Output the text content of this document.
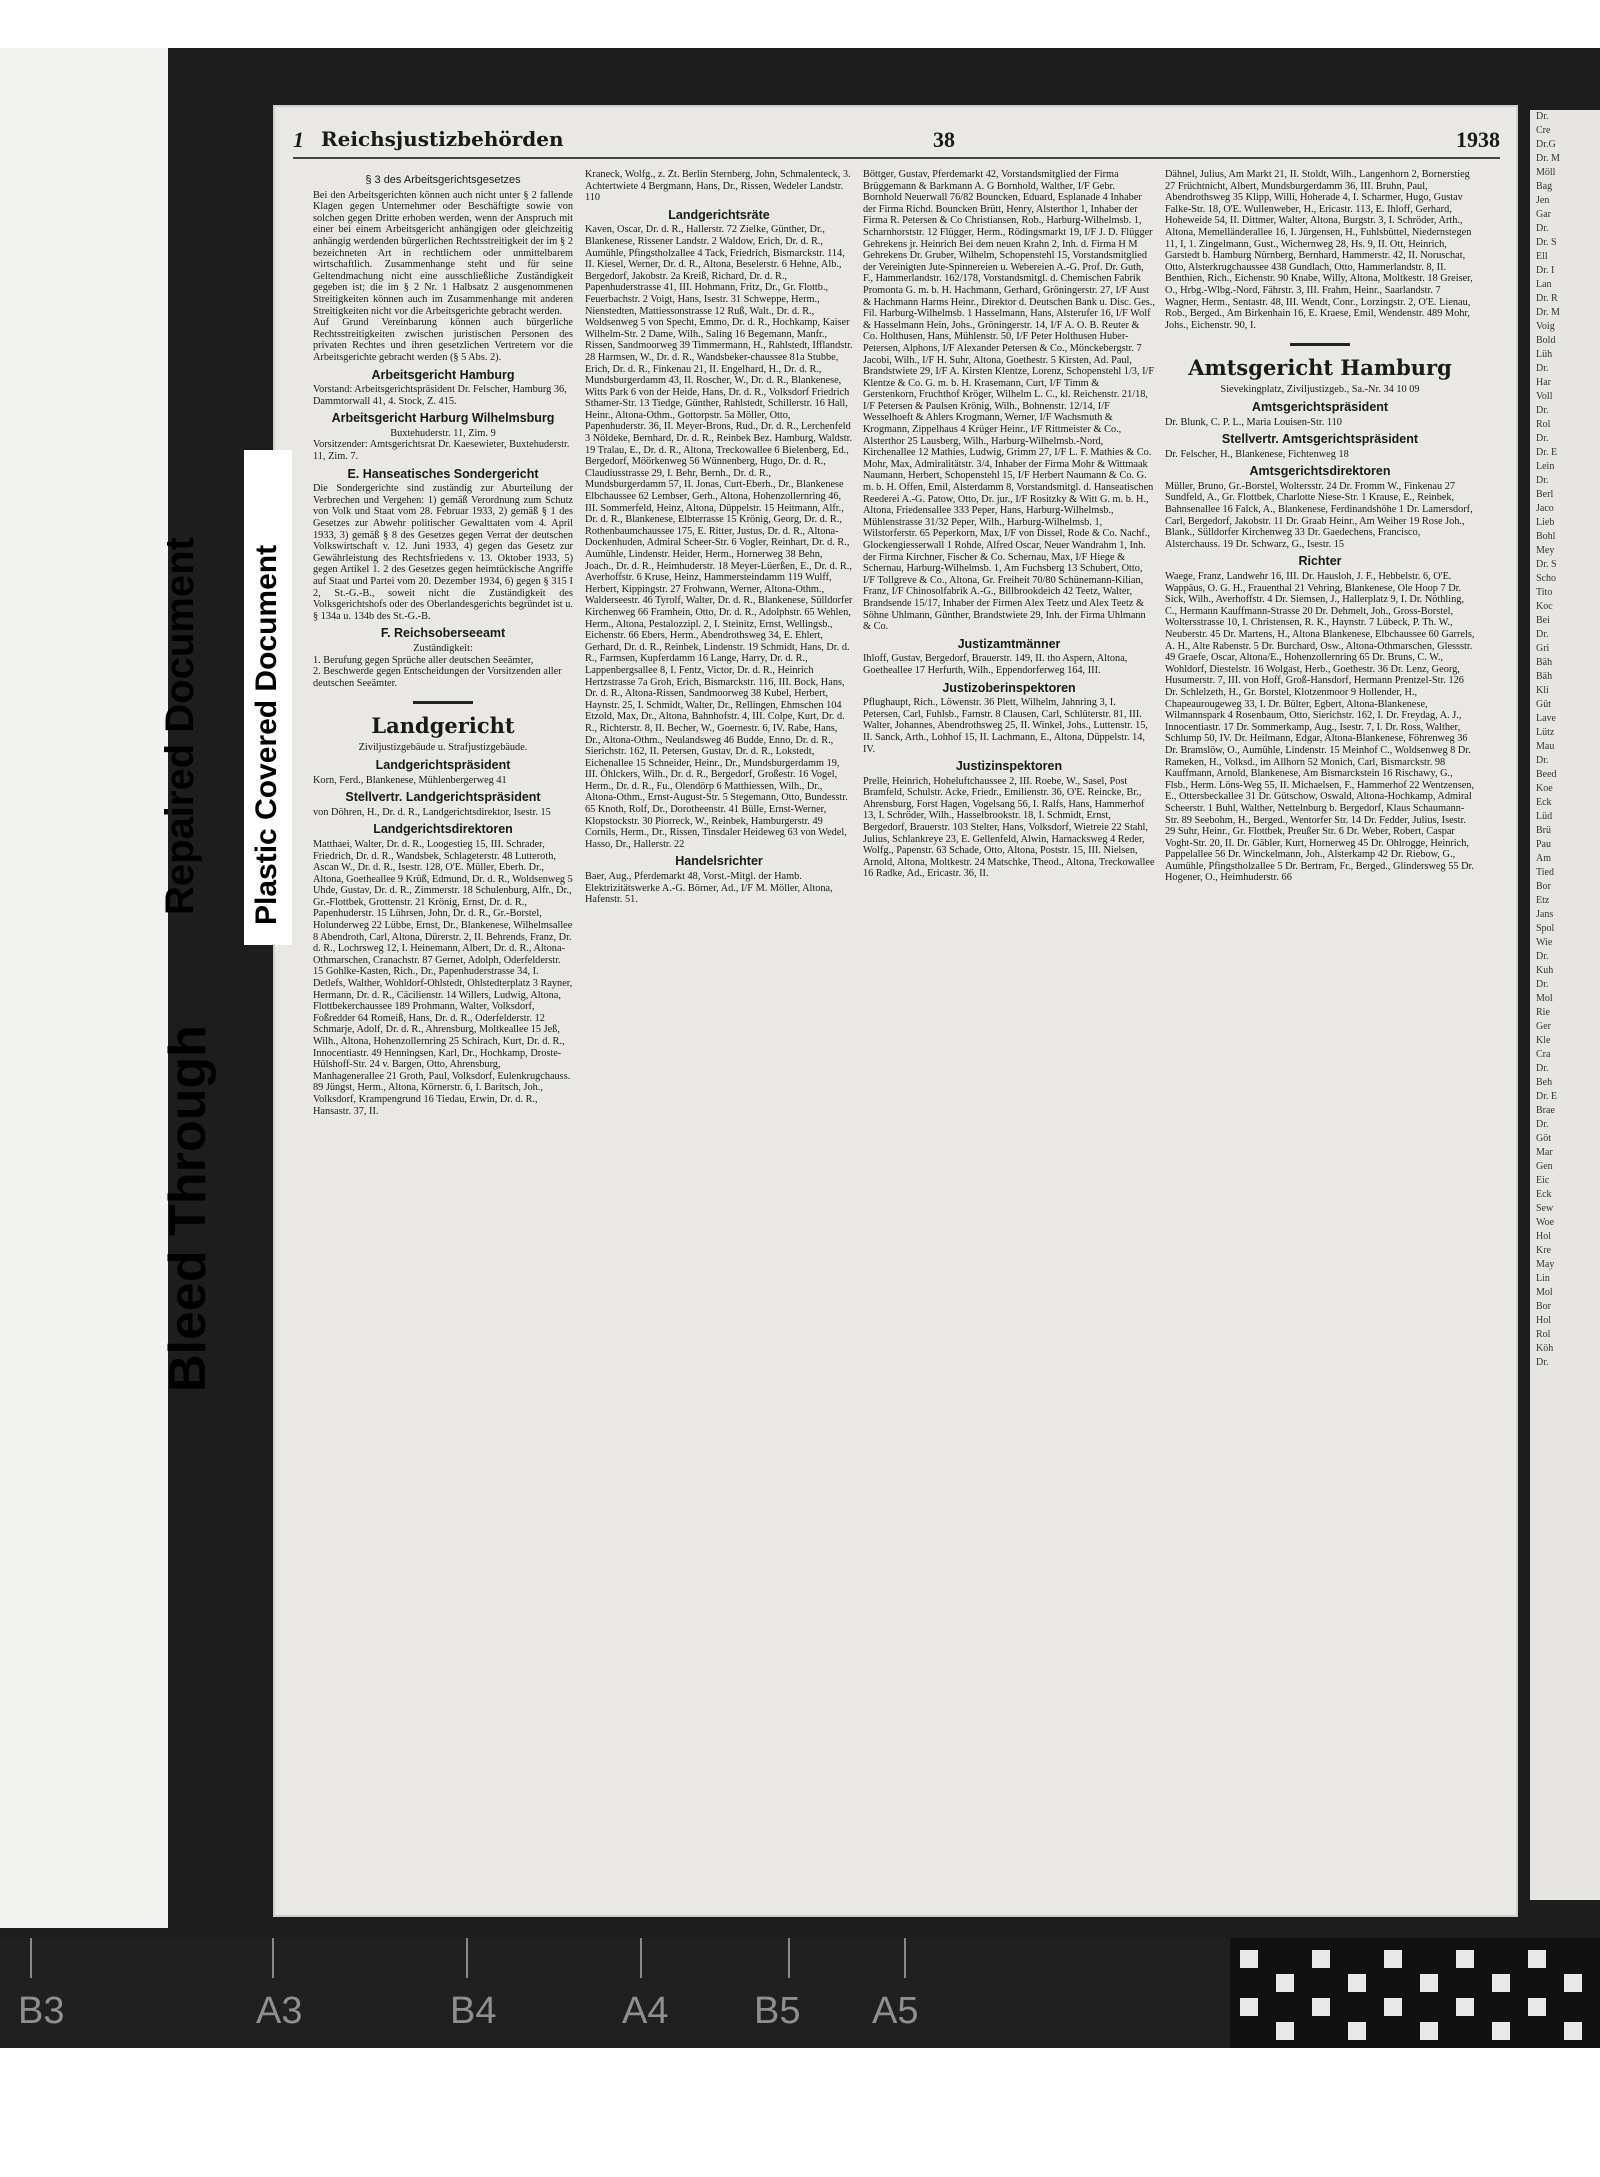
Dr.
Cre
Dr.G
Dr. M
Möll
Bag
Jen
Gar
Dr.
Dr. S
Ell
Dr. I
Lan
Dr. R
Dr. M
Voig
Bold
Lüh
Dr.
Har
Voll
Dr.
Rol
Dr.
Dr. E
Lein
Dr.
Berl
Jaco
Lieb
Bohl
Mey
Dr. S
Scho
Tito
Koc
Bei
Dr.
Gri
Bäh
Bäh
Kli
Güt
Lave
Lütz
Mau
Dr.
Beed
Koe
Eck
Lüd
Brü
Pau
Am
Tied
Bor
Etz
Jans
Spol
Wie
Dr.
Kuh
Dr.
Mol
Rie
Ger
Kle
Cra
Dr.
Beh
Dr. E
Brae
Dr.
Göt
Mar
Gen
Eic
Eck
Sew
Woe
Hol
Kre
May
Lin
Mol
Bor
Hol
Rol
Köh
Dr.
1 Reichsjustizbehörden	38	1938

§ 3 des Arbeitsgerichtsgesetzes

Bei den Arbeitsgerichten können auch nicht unter § 2 fallende Klagen gegen Unternehmer oder Beschäftigte sowie von solchen gegen Dritte erhoben werden, wenn der Anspruch mit einer bei einem Arbeitsgericht anhängigen oder gleichzeitig anhängig werdenden bürgerlichen Rechtsstreitigkeit der im § 2 bezeichneten Art in rechtlichem oder unmittelbarem wirtschaftlich. Zusammenhange steht und für seine Geltendmachung nicht eine ausschließliche Zuständigkeit gegeben ist; die im § 2 Nr. 1 Halbsatz 2 ausgenommenen Streitigkeiten können auch im Zusammenhange mit anderen Streitigkeiten nicht vor die Arbeitsgerichte gebracht werden.

Auf Grund Vereinbarung können auch bürgerliche Rechtsstreitigkeiten zwischen juristischen Personen des privaten Rechtes und ihren gesetzlichen Vertretern vor die Arbeitsgerichte gebracht werden (§ 5 Abs. 2).

Arbeitsgericht Hamburg

Vorstand: Arbeitsgerichtspräsident Dr. Felscher, Hamburg 36, Dammtorwall 41, 4. Stock, Z. 415.

Arbeitsgericht Harburg Wilhelmsburg

Buxtehuderstr. 11, Zim. 9

Vorsitzender: Amtsgerichtsrat Dr. Kaesewieter, Buxtehuderstr. 11, Zim. 7.

E. Hanseatisches Sondergericht

Die Sondergerichte sind zuständig zur Aburteilung der Verbrechen und Vergehen: 1) gemäß Verordnung zum Schutz von Volk und Staat vom 28. Februar 1933, 2) gemäß § 1 des Gesetzes zur Abwehr politischer Gewalttaten vom 4. April 1933, 3) gemäß § 8 des Gesetzes gegen Verrat der deutschen Volkswirtschaft v. 12. Juni 1933, 4) gegen das Gesetz zur Gewährleistung des Rechtsfriedens v. 13. Oktober 1933, 5) gegen Artikel 1. 2 des Gesetzes gegen heimtückische Angriffe auf Staat und Partei vom 20. Dezember 1934, 6) gegen § 315 I 2, St.-G.-B., soweit nicht die Zuständigkeit des Volksgerichtshofs oder des Oberlandesgerichts begründet ist u. § 134a u. 134b des St.-G.-B.

F. Reichsoberseeamt

Zuständigkeit:

1. Berufung gegen Sprüche aller deutschen Seeämter,

2. Beschwerde gegen Entscheidungen der Vorsitzenden aller deutschen Seeämter.

Landgericht

Ziviljustizgebäude u. Strafjustizgebäude.

Landgerichtspräsident

Korn, Ferd., Blankenese, Mühlenbergerweg 41

Stellvertr. Landgerichtspräsident

von Döhren, H., Dr. d. R., Landgerichtsdirektor, Isestr. 15

Landgerichtsdirektoren

Matthaei, Walter, Dr. d. R., Loogestieg 15, III. Schrader, Friedrich, Dr. d. R., Wandsbek, Schlageterstr. 48 Lutteroth, Ascan W., Dr. d. R., Isestr. 128, O'E. Müller, Eberh. Dr., Altona, Goetheallee 9 Krüß, Edmund, Dr. d. R., Woldsenweg 5 Uhde, Gustav, Dr. d. R., Zimmerstr. 18 Schulenburg, Alfr., Dr., Gr.-Flottbek, Grottenstr. 21 Krönig, Ernst, Dr. d. R., Papenhuderstr. 15 Lührsen, John, Dr. d. R., Gr.-Borstel, Holunderweg 22 Lübbe, Ernst, Dr., Blankenese, Wilhelmsallee 8 Abendroth, Carl, Altona, Dürerstr. 2, II. Behrends, Franz, Dr. d. R., Lochrsweg 12, I. Heinemann, Albert, Dr. d. R., Altona-Othmarschen, Cranachstr. 87 Gernet, Adolph, Oderfelderstr. 15 Gohlke-Kasten, Rich., Dr., Papenhuderstrasse 34, I. Detlefs, Walther, Wohldorf-Ohlstedt, Ohlstedterplatz 3 Rayner, Hermann, Dr. d. R., Cäcilienstr. 14 Willers, Ludwig, Altona, Flottbekerchaussee 189 Prohmann, Walter, Volksdorf, Foßredder 64 Romeiß, Hans, Dr. d. R., Oderfelderstr. 12 Schmarje, Adolf, Dr. d. R., Ahrensburg, Moltkeallee 15 Jeß, Wilh., Altona, Hohenzollernring 25 Schirach, Kurt, Dr. d. R., Innocentiastr. 49 Henningsen, Karl, Dr., Hochkamp, Droste-Hülshoff-Str. 24 v. Bargen, Otto, Ahrensburg, Manhagenerallee 21 Groth, Paul, Volksdorf, Eulenkrugchauss. 89 Jüngst, Herm., Altona, Körnerstr. 6, I. Baritsch, Joh., Volksdorf, Krampengrund 16 Tiedau, Erwin, Dr. d. R., Hansastr. 37, II.

Kraneck, Wolfg., z. Zt. Berlin Sternberg, John, Schmalenteck, 3. Achtertwiete 4 Bergmann, Hans, Dr., Rissen, Wedeler Landstr. 110

Landgerichtsräte

Kaven, Oscar, Dr. d. R., Hallerstr. 72 Zielke, Günther, Dr., Blankenese, Rissener Landstr. 2 Waldow, Erich, Dr. d. R., Aumühle, Pfingstholzallee 4 Tack, Friedrich, Bismarckstr. 114, II. Kiesel, Werner, Dr. d. R., Altona, Beselerstr. 6 Hehne, Alb., Bergedorf, Jakobstr. 2a Kreiß, Richard, Dr. d. R., Papenhuderstrasse 41, III. Hohmann, Fritz, Dr., Gr. Flottb., Feuerbachstr. 2 Voigt, Hans, Isestr. 31 Schweppe, Herm., Nienstedten, Mattiessonstrasse 12 Ruß, Walt., Dr. d. R., Woldsenweg 5 von Specht, Emmo, Dr. d. R., Hochkamp, Kaiser Wilhelm-Str. 2 Dame, Wilh., Saling 16 Begemann, Manfr., Rissen, Sandmoorweg 39 Timmermann, H., Rahlstedt, Ifflandstr. 28 Harmsen, W., Dr. d. R., Wandsbeker-chaussee 81a Stubbe, Erich, Dr. d. R., Finkenau 21, II. Engelhard, H., Dr. d. R., Mundsburgerdamm 43, II. Roscher, W., Dr. d. R., Blankenese, Witts Park 6 von der Heide, Hans, Dr. d. R., Volksdorf Friedrich Sthamer-Str. 13 Tiedge, Günther, Rahlstedt, Schillerstr. 16 Hall, Heinr., Altona-Othm., Gottorpstr. 5a Möller, Otto, Papenhuderstr. 36, II. Meyer-Brons, Rud., Dr. d. R., Lerchenfeld 3 Nöldeke, Bernhard, Dr. d. R., Reinbek Bez. Hamburg, Waldstr. 19 Tralau, E., Dr. d. R., Altona, Treckowallee 6 Bielenberg, Ed., Bergedorf, Möörkenweg 56 Wünnenberg, Hugo, Dr. d. R., Claudiusstrasse 29, I. Behr, Bernh., Dr. d. R., Mundsburgerdamm 57, II. Jonas, Curt-Eberh., Dr., Blankenese Elbchaussee 62 Lembser, Gerh., Altona, Hohenzollernring 46, III. Sommerfeld, Heinz, Altona, Düppelstr. 15 Heitmann, Alfr., Dr. d. R., Blankenese, Elbterrasse 15 Krönig, Georg, Dr. d. R., Rothenbaumchaussee 175, E. Ritter, Justus, Dr. d. R., Altona-Dockenhuden, Admiral Scheer-Str. 6 Vogler, Reinhart, Dr. d. R., Aumühle, Lindenstr. Heider, Herm., Hornerweg 38 Behn, Joach., Dr. d. R., Heimhuderstr. 18 Meyer-Lüerßen, E., Dr. d. R., Averhoffstr. 6 Kruse, Heinz, Hammersteindamm 119 Wulff, Herbert, Kippingstr. 27 Frohwann, Werner, Altona-Othm., Walderseestr. 46 Tyrolf, Walter, Dr. d. R., Blankenese, Sülldorfer Kirchenweg 66 Framhein, Otto, Dr. d. R., Adolphstr. 65 Wehlen, Herm., Altona, Pestalozzipl. 2, I. Steinitz, Ernst, Wellingsb., Eichenstr. 66 Ebers, Herm., Abendrothsweg 34, E. Ehlert, Gerhard, Dr. d. R., Reinbek, Lindenstr. 19 Schmidt, Hans, Dr. d. R., Farmsen, Kupferdamm 16 Lange, Harry, Dr. d. R., Lappenbergsallee 8, I. Fentz, Victor, Dr. d. R., Heinrich Hertzstrasse 7a Groh, Erich, Bismarckstr. 116, III. Bock, Hans, Dr. d. R., Altona-Rissen, Sandmoorweg 38 Kubel, Herbert, Haynstr. 25, I. Schmidt, Walter, Dr., Rellingen, Ehmschen 104 Etzold, Max, Dr., Altona, Bahnhofstr. 4, III. Colpe, Kurt, Dr. d. R., Richterstr. 8, II. Becher, W., Goernestr. 6, IV. Rabe, Hans, Dr., Altona-Othm., Neulandsweg 46 Budde, Enno, Dr. d. R., Sierichstr. 162, II. Petersen, Gustav, Dr. d. R., Lokstedt, Eichenallee 15 Schneider, Heinr., Dr., Mundsburgerdamm 19, III. Öhlckers, Wilh., Dr. d. R., Bergedorf, Großestr. 16 Vogel, Herm., Dr. d. R., Fu., Olendörp 6 Matthiessen, Wilh., Dr., Altona-Othm., Ernst-August-Str. 5 Stegemann, Otto, Bundesstr. 65 Knoth, Rolf, Dr., Dorotheenstr. 41 Bülle, Ernst-Werner, Klopstockstr. 30 Piorreck, W., Reinbek, Hamburgerstr. 49 Cornils, Herm., Dr., Rissen, Tinsdaler Heideweg 63 von Wedel, Hasso, Dr., Hallerstr. 22

Handelsrichter

Baer, Aug., Pferdemarkt 48, Vorst.-Mitgl. der Hamb. Elektrizitätswerke A.-G. Börner, Ad., I/F M. Möller, Altona, Hafenstr. 51.

Böttger, Gustav, Pferdemarkt 42, Vorstandsmitglied der Firma Brüggemann & Barkmann A. G Bornhold, Walther, I/F Gebr. Bornhold Neuerwall 76/82 Bouncken, Eduard, Esplanade 4 Inhaber der Firma Richd. Bouncken Brütt, Henry, Alsterthor 1, Inhaber der Firma R. Petersen & Co Christiansen, Rob., Harburg-Wilhelmsb. 1, Scharnhorststr. 12 Flügger, Herm., Rödingsmarkt 19, I/F J. D. Flügger Gehrekens jr. Heinrich Bei dem neuen Krahn 2, Inh. d. Firma H M Gehrekens Dr. Gruber, Wilhelm, Schopenstehl 15, Vorstandsmitglied der Vereinigten Jute-Spinnereien u. Webereien A.-G. Prof. Dr. Guth, F., Hammerlandstr. 162/178, Vorstandsmitgl. d. Chemischen Fabrik Promonta G. m. b. H. Hachmann, Gerhard, Gröningerstr. 27, I/F Aust & Hachmann Harms Heinr., Direktor d. Deutschen Bank u. Disc. Ges., Fil. Harburg-Wilhelmsb. 1 Hasselmann, Hans, Alsterufer 16, I/F Wolf & Hasselmann Hein, Johs., Gröningerstr. 14, I/F A. O. B. Reuter & Co. Holthusen, Hans, Mühlenstr. 50, I/F Peter Holthusen Huber-Petersen, Alphons, I/F Alexander Petersen & Co., Mönckebergstr. 7 Jacobi, Wilh., I/F H. Suhr, Altona, Goethestr. 5 Kirsten, Ad. Paul, Brandstwiete 29, I/F A. Kirsten Klentze, Lorenz, Schopenstehl 1/3, I/F Klentze & Co. G. m. b. H. Krasemann, Curt, I/F Timm & Gerstenkorn, Fruchthof Kröger, Wilhelm L. C., kl. Reichenstr. 21/18, I/F Petersen & Paulsen Krönig, Wilh., Bohnenstr. 12/14, I/F Wesselhoeft & Ahlers Krogmann, Werner, I/F Wachsmuth & Krogmann, Zippelhaus 4 Krüger Heinr., I/F Rittmeister & Co., Alsterthor 25 Lausberg, Wilh., Harburg-Wilhelmsb.-Nord, Kirchenallee 12 Mathies, Ludwig, Grimm 27, I/F L. F. Mathies & Co. Mohr, Max, Admiralitätstr. 3/4, Inhaber der Firma Mohr & Wittmaak Naumann, Herbert, Schopenstehl 15, I/F Herbert Naumann & Co. G. m. b. H. Offen, Emil, Alsterdamm 8, Vorstandsmitgl. d. Hanseatischen Reederei A.-G. Patow, Otto, Dr. jur., I/F Rositzky & Witt G. m. b. H., Altona, Friedensallee 333 Peper, Hans, Harburg-Wilhelmsb., Mühlenstrasse 31/32 Peper, Wilh., Harburg-Wilhelmsb. 1, Wilstorferstr. 65 Peperkorn, Max, I/F von Dissel, Rode & Co. Nachf., Glockengiesserwall 1 Rohde, Alfred Oscar, Neuer Wandrahm 1, Inh. der Firma Kirchner, Fischer & Co. Schernau, Max, I/F Hiege & Schernau, Harburg-Wilhelmsb. 1, Am Fuchsberg 13 Schubert, Otto, I/F Tollgreve & Co., Altona, Gr. Freiheit 70/80 Schünemann-Kilian, Franz, I/F Chinosolfabrik A.-G., Billbrookdeich 42 Teetz, Walter, Brandsende 15/17, Inhaber der Firmen Alex Teetz und Alex Teetz & Söhne Uhlmann, Günther, Brandstwiete 29, Inh. der Firma Uhlmann & Co.

Justizamtmänner

Ihloff, Gustav, Bergedorf, Brauerstr. 149, II. tho Aspern, Altona, Goetheallee 17 Herfurth, Wilh., Eppendorferweg 164, III.

Justizoberinspektoren

Pflughaupt, Rich., Löwenstr. 36 Plett, Wilhelm, Jahnring 3, I. Petersen, Carl, Fuhlsb., Farnstr. 8 Clausen, Carl, Schlüterstr. 81, III. Walter, Johannes, Abendrothsweg 25, II. Winkel, Johs., Luttenstr. 15, II. Sanck, Arth., Lohhof 15, II. Lachmann, E., Altona, Düppelstr. 14, IV.

Justizinspektoren

Prelle, Heinrich, Hoheluftchaussee 2, III. Roebe, W., Sasel, Post Bramfeld, Schulstr. Acke, Friedr., Emilienstr. 36, O'E. Reincke, Br., Ahrensburg, Forst Hagen, Vogelsang 56, I. Ralfs, Hans, Hammerhof 13, I. Schröder, Wilh., Hasselbrookstr. 18, I. Schmidt, Ernst, Bergedorf, Brauerstr. 103 Stelter, Hans, Volksdorf, Wietreie 22 Stahl, Julius, Schlankreye 23, E. Gellenfeld, Alwin, Harnacksweg 4 Reder, Wolfg., Papenstr. 63 Schade, Otto, Altona, Poststr. 15, III. Nielsen, Arnold, Altona, Moltkestr. 24 Matschke, Theod., Altona, Treckowallee 16 Radke, Ad., Ericastr. 36, II.

Dähnel, Julius, Am Markt 21, II. Stoldt, Wilh., Langenhorn 2, Bornerstieg 27 Früchtnicht, Albert, Mundsburgerdamm 36, III. Bruhn, Paul, Abendrothsweg 35 Klipp, Willi, Hoherade 4, I. Scharmer, Hugo, Gustav Falke-Str. 18, O'E. Wullenweber, H., Ericastr. 113, E. Ihloff, Gerhard, Hoheweide 54, II. Dittmer, Walter, Altona, Burgstr. 3, I. Schröder, Arth., Altona, Memelländerallee 16, I. Jürgensen, H., Fuhlsbüttel, Niedernstegen 11, I, 1. Zingelmann, Gust., Wichernweg 28, Hs. 9, II. Ott, Heinrich, Garstedt b. Hamburg Nürnberg, Bernhard, Hammerstr. 42, II. Noruschat, Otto, Alsterkrugchaussee 438 Gundlach, Otto, Hammerlandstr. 8, II. Benthien, Rich., Eichenstr. 90 Knabe, Willy, Altona, Moltkestr. 18 Greiser, O., Hrbg.-Wlbg.-Nord, Fährstr. 3, III. Frahm, Heinr., Saarlandstr. 7 Wagner, Herm., Sentastr. 48, III. Wendt, Conr., Lorzingstr. 2, O'E. Lienau, Rob., Berged., Am Birkenhain 16, E. Kraese, Emil, Wendenstr. 489 Mohr, Johs., Eichenstr. 90, I.

Amtsgericht Hamburg

Sievekingplatz, Ziviljustizgeb., Sa.-Nr. 34 10 09

Amtsgerichtspräsident

Dr. Blunk, C. P. L., Maria Louisen-Str. 110

Stellvertr. Amtsgerichtspräsident

Dr. Felscher, H., Blankenese, Fichtenweg 18

Amtsgerichtsdirektoren

Müller, Bruno, Gr.-Borstel, Woltersstr. 24 Dr. Fromm W., Finkenau 27 Sundfeld, A., Gr. Flottbek, Charlotte Niese-Str. 1 Krause, E., Reinbek, Bahnsenallee 16 Falck, A., Blankenese, Ferdinandshöhe 1 Dr. Lamersdorf, Carl, Bergedorf, Jakobstr. 11 Dr. Graab Heinr., Am Weiher 19 Rose Joh., Blank., Sülldorfer Kirchenweg 33 Dr. Gaedechens, Francisco, Alsterchauss. 19 Dr. Schwarz, G., Isestr. 15

Richter

Waege, Franz, Landwehr 16, III. Dr. Hausloh, J. F., Hebbelstr. 6, O'E. Wappäus, O. G. H., Frauenthal 21 Vehring, Blankenese, Ole Hoop 7 Dr. Sick, Wilh., Averhoffstr. 4 Dr. Siemsen, J., Hallerplatz 9, I. Dr. Nöthling, C., Hermann Kauffmann-Strasse 20 Dr. Dehmelt, Joh., Gross-Borstel, Woltersstrasse 10, I. Christensen, R. K., Haynstr. 7 Lübeck, P. Th. W., Neuberstr. 45 Dr. Martens, H., Altona Blankenese, Elbchaussee 60 Garrels, A. H., Alte Rabenstr. 5 Dr. Burchard, Osw., Altona-Othmarschen, Glessstr. 49 Graefe, Oscar, Altona/E., Hohenzollernring 65 Dr. Bruns, C. W., Wohldorf, Diestelstr. 16 Wolgast, Herb., Goethestr. 36 Dr. Lenz, Georg, Husumerstr. 7, III. von Hoff, Groß-Hansdorf, Hermann Prentzel-Str. 126 Dr. Schlelzeth, H., Gr. Borstel, Klotzenmoor 9 Hollender, H., Chapeaurougeweg 33, I. Dr. Bülter, Egbert, Altona-Blankenese, Wilmannspark 4 Rosenbaum, Otto, Sierichstr. 162, I. Dr. Freydag, A. J., Innocentiastr. 17 Dr. Sommerkamp, Aug., Isestr. 7, I. Dr. Ross, Walther, Schlump 50, IV. Dr. Heilmann, Edgar, Altona-Blankenese, Föhrenweg 36 Dr. Bramslöw, O., Aumühle, Lindenstr. 15 Meinhof C., Woldsenweg 8 Dr. Rameken, H., Volksd., im Allhorn 52 Monich, Carl, Bismarckstr. 98 Kauffmann, Arnold, Blankenese, Am Bismarckstein 16 Rischawy, G., Flsb., Herm. Löns-Weg 55, II. Michaelsen, F., Hammerhof 22 Wentzensen, E., Ottersbeckallee 31 Dr. Gütschow, Oswald, Altona-Hochkamp, Admiral Scheerstr. 1 Buhl, Walther, Nettelnburg b. Bergedorf, Klaus Schaumann-Str. 89 Seebohm, H., Berged., Wentorfer Str. 14 Dr. Fedder, Julius, Isestr. 29 Suhr, Heinr., Gr. Flottbek, Preußer Str. 6 Dr. Weber, Robert, Caspar Voght-Str. 20, II. Dr. Gäbler, Kurt, Hornerweg 45 Dr. Ohlrogge, Heinrich, Pappelallee 56 Dr. Winckelmann, Joh., Alsterkamp 42 Dr. Riebow, G., Aumühle, Pfingstholzallee 5 Dr. Bertram, Fr., Berged., Glindersweg 55 Dr. Hogener, O., Heimhuderstr. 66

Bleed Through
Repaired Document Plastic Covered Document
B3	A3	B4	A4 B5 A5
